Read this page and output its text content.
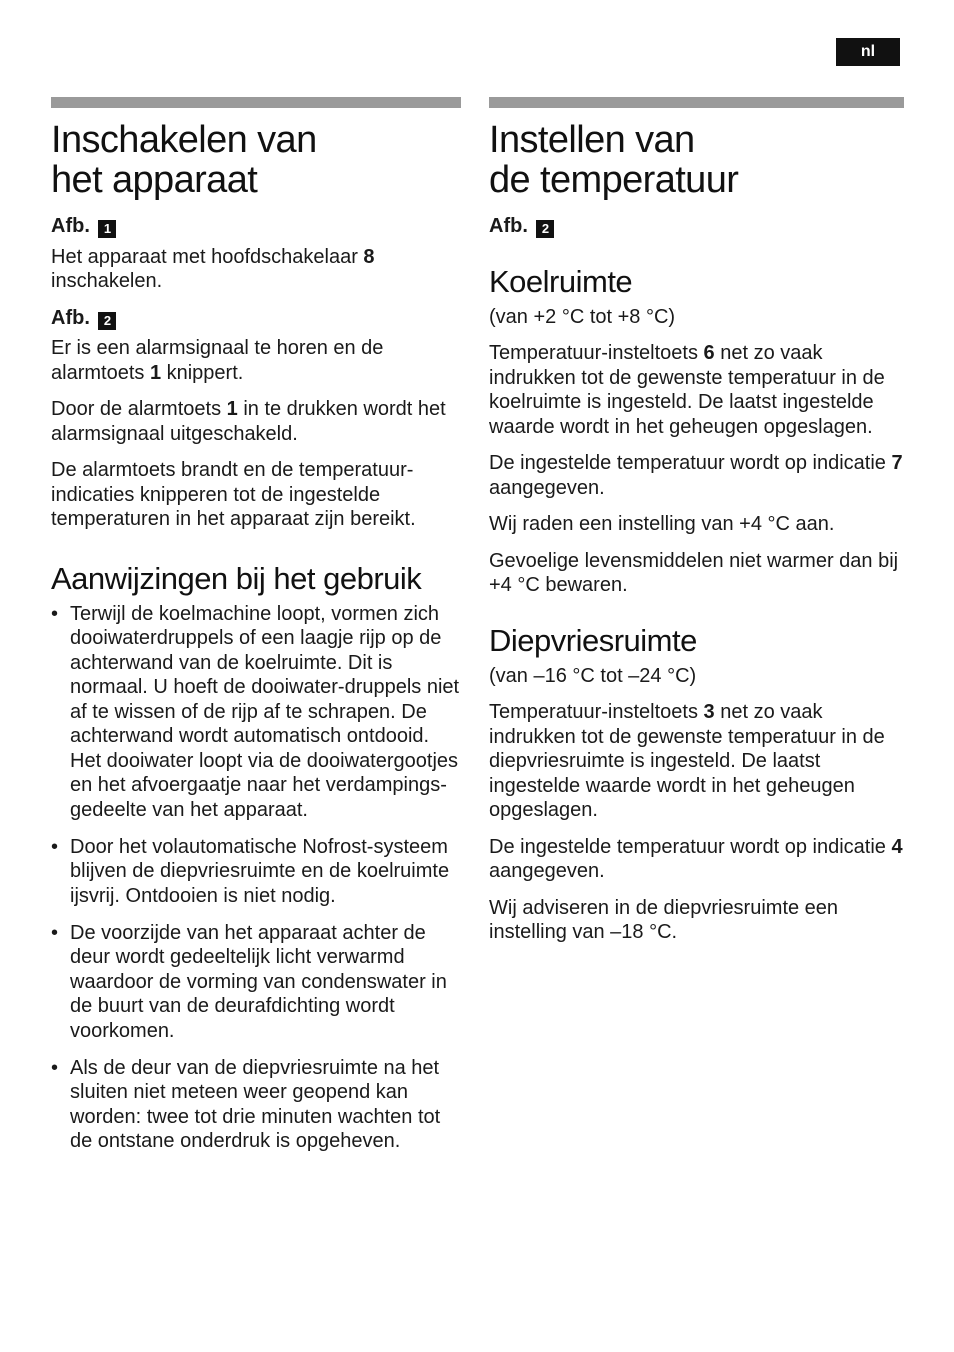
nl
Inschakelen van
het apparaat
Afb. 1

Het apparaat met hoofdschakelaar 8 inschakelen.

Afb. 2

Er is een alarmsignaal te horen en de alarmtoets 1 knippert.

Door de alarmtoets 1 in te drukken wordt het alarmsignaal uitgeschakeld.

De alarmtoets brandt en de temperatuur-indicaties knipperen tot de ingestelde temperaturen in het apparaat zijn bereikt.

Aanwijzingen bij het gebruik
• Terwijl de koelmachine loopt, vormen zich dooiwaterdruppels of een laagje rijp op de achterwand van de koelruimte. Dit is normaal. U hoeft de dooiwater-druppels niet af te wissen of de rijp af te schrapen. De achterwand wordt automatisch ontdooid. Het dooiwater loopt via de dooiwatergootjes en het afvoergaatje naar het verdampings-gedeelte van het apparaat.
• Door het volautomatische Nofrost-systeem blijven de diepvriesruimte en de koelruimte ijsvrij. Ontdooien is niet nodig.
• De voorzijde van het apparaat achter de deur wordt gedeeltelijk licht verwarmd waardoor de vorming van condenswater in de buurt van de deurafdichting wordt voorkomen.
• Als de deur van de diepvriesruimte na het sluiten niet meteen weer geopend kan worden: twee tot drie minuten wachten tot de ontstane onderdruk is opgeheven.
Instellen van
de temperatuur
Afb. 2
Koelruimte

(van +2 °C tot +8 °C)

Temperatuur-insteltoets 6 net zo vaak indrukken tot de gewenste temperatuur in de koelruimte is ingesteld. De laatst ingestelde waarde wordt in het geheugen opgeslagen.

De ingestelde temperatuur wordt op indicatie 7 aangegeven.

Wij raden een instelling van +4 °C aan.

Gevoelige levensmiddelen niet warmer dan bij +4 °C bewaren.

Diepvriesruimte

(van –16 °C tot –24 °C)

Temperatuur-insteltoets 3 net zo vaak indrukken tot de gewenste temperatuur in de diepvriesruimte is ingesteld. De laatst ingestelde waarde wordt in het geheugen opgeslagen.

De ingestelde temperatuur wordt op indicatie 4 aangegeven.

Wij adviseren in de diepvriesruimte een instelling van –18 °C.
